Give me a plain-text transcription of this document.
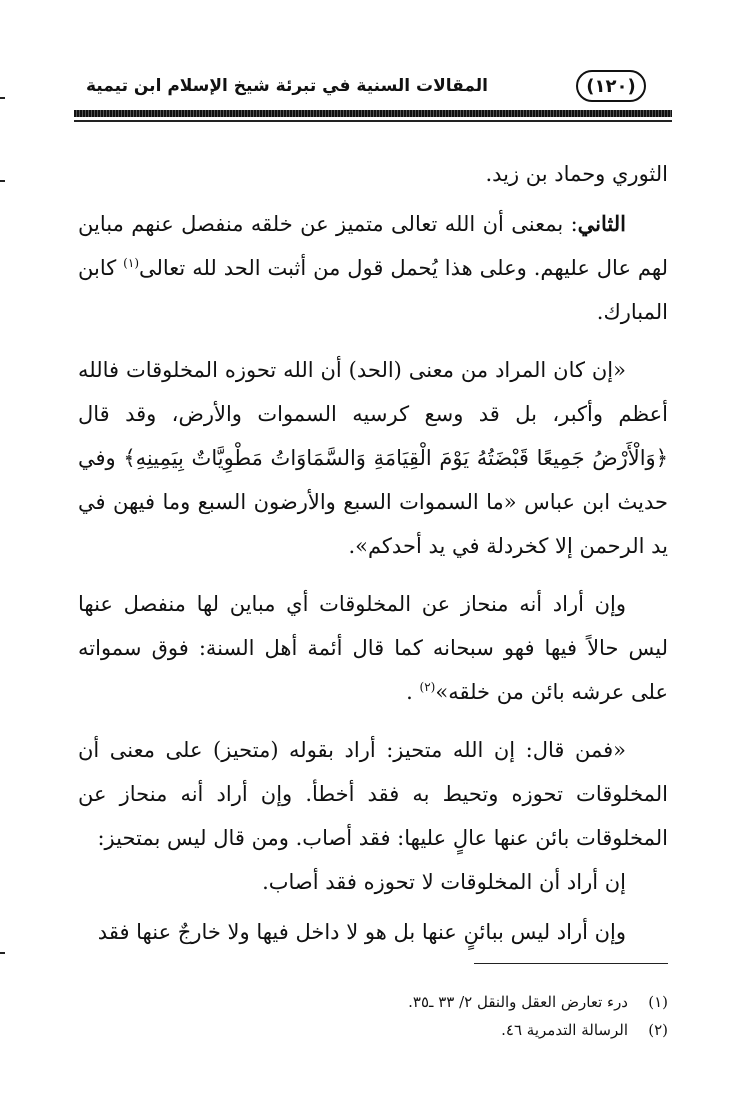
(١٢٠)
المقالات السنية في تبرئة شيخ الإسلام ابن تيمية

الثوري وحماد بن زيد.

الثاني: بمعنى أن الله تعالى متميز عن خلقه منفصل عنهم مباين لهم عال عليهم. وعلى هذا يُحمل قول من أثبت الحد لله تعالى$^{(١)}$ كابن المبارك.

«إن كان المراد من معنى (الحد) أن الله تحوزه المخلوقات فالله أعظم وأكبر، بل قد وسع كرسيه السموات والأرض، وقد قال ﴿وَالْأَرْضُ جَمِيعًا قَبْضَتُهُ يَوْمَ الْقِيَامَةِ وَالسَّمَاوَاتُ مَطْوِيَّاتٌ بِيَمِينِهِ﴾ وفي حديث ابن عباس «ما السموات السبع والأرضون السبع وما فيهن في يد الرحمن إلا كخردلة في يد أحدكم».

وإن أراد أنه منحاز عن المخلوقات أي مباين لها منفصل عنها ليس حالاً فيها فهو سبحانه كما قال أئمة أهل السنة: فوق سمواته على عرشه بائن من خلقه»$^{(٢)}$ .

«فمن قال: إن الله متحيز: أراد بقوله (متحيز) على معنى أن المخلوقات تحوزه وتحيط به فقد أخطأ. وإن أراد أنه منحاز عن المخلوقات بائن عنها عالٍ عليها: فقد أصاب. ومن قال ليس بمتحيز:

إن أراد أن المخلوقات لا تحوزه فقد أصاب.

وإن أراد ليس ببائنٍ عنها بل هو لا داخل فيها ولا خارجٌ عنها فقد

(١)
درء تعارض العقل والنقل ٢/ ٣٣ ـ٣٥.
(٢)
الرسالة التدمرية ٤٦.
